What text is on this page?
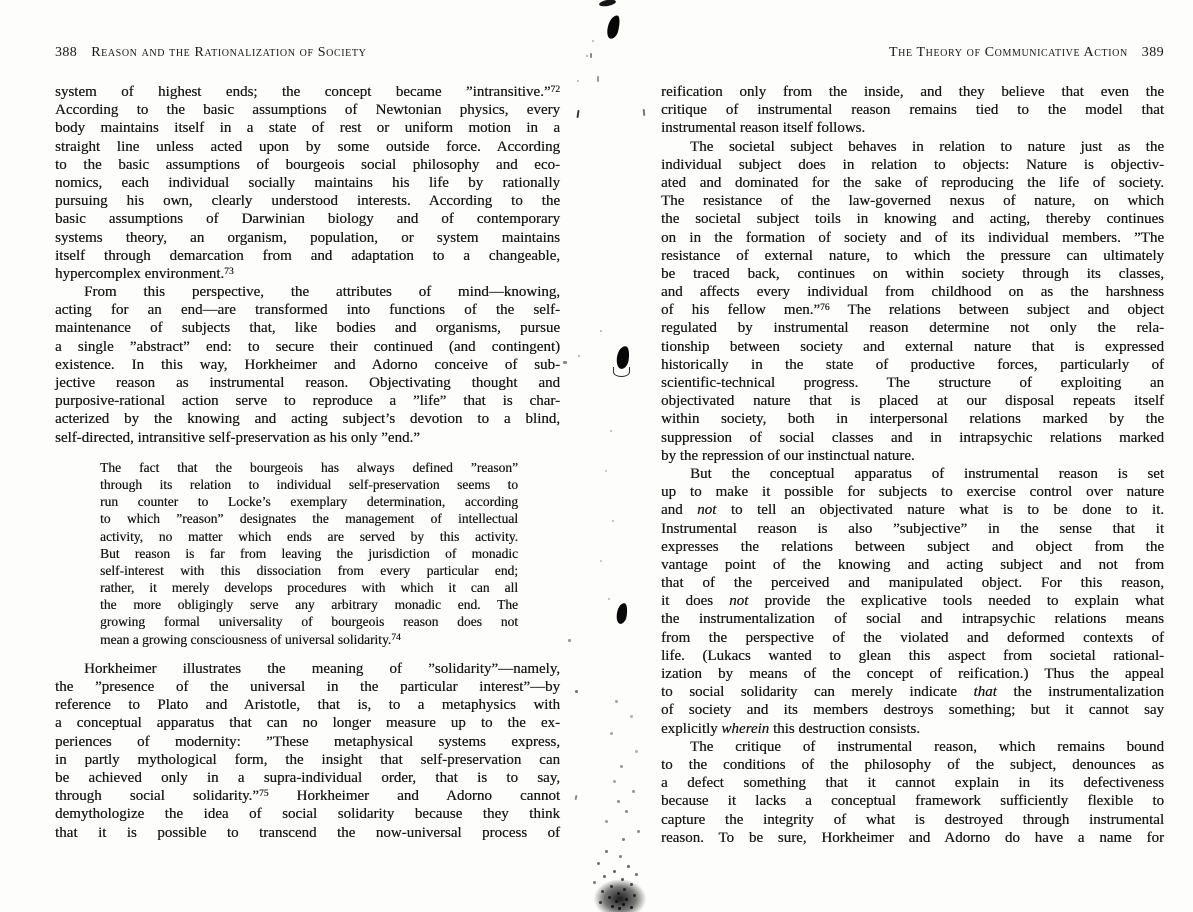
388 Reason and the Rationalization of Society	The Theory of Communicative Action 389
system of highest ends; the concept became ”intransitive.”$^{72}$
According to the basic assumptions of Newtonian physics, every
body maintains itself in a state of rest or uniform motion in a
straight line unless acted upon by some outside force. According
to the basic assumptions of bourgeois social philosophy and eco-
nomics, each individual socially maintains his life by rationally
pursuing his own, clearly understood interests. According to the
basic assumptions of Darwinian biology and of contemporary
systems theory, an organism, population, or system maintains
itself through demarcation from and adaptation to a changeable,
hypercomplex environment.$^{73}$
From this perspective, the attributes of mind—knowing,
acting for an end—are transformed into functions of the self-
maintenance of subjects that, like bodies and organisms, pursue
a single ”abstract” end: to secure their continued (and contingent)
existence. In this way, Horkheimer and Adorno conceive of sub-
jective reason as instrumental reason. Objectivating thought and
purposive-rational action serve to reproduce a ”life” that is char-
acterized by the knowing and acting subject’s devotion to a blind,
self-directed, intransitive self-preservation as his only ”end.”
The fact that the bourgeois has always defined ”reason”
through its relation to individual self-preservation seems to
run counter to Locke’s exemplary determination, according
to which ”reason” designates the management of intellectual
activity, no matter which ends are served by this activity.
But reason is far from leaving the jurisdiction of monadic
self-interest with this dissociation from every particular end;
rather, it merely develops procedures with which it can all
the more obligingly serve any arbitrary monadic end. The
growing formal universality of bourgeois reason does not
mean a growing consciousness of universal solidarity.$^{74}$
Horkheimer illustrates the meaning of ”solidarity”—namely,
the ”presence of the universal in the particular interest”—by
reference to Plato and Aristotle, that is, to a metaphysics with
a conceptual apparatus that can no longer measure up to the ex-
periences of modernity: ”These metaphysical systems express,
in partly mythological form, the insight that self-preservation can
be achieved only in a supra-individual order, that is to say,
through social solidarity.”$^{75}$ Horkheimer and Adorno cannot
demythologize the idea of social solidarity because they think
that it is possible to transcend the now-universal process of
reification only from the inside, and they believe that even the
critique of instrumental reason remains tied to the model that
instrumental reason itself follows.
The societal subject behaves in relation to nature just as the
individual subject does in relation to objects: Nature is objectiv-
ated and dominated for the sake of reproducing the life of society.
The resistance of the law-governed nexus of nature, on which
the societal subject toils in knowing and acting, thereby continues
on in the formation of society and of its individual members. ”The
resistance of external nature, to which the pressure can ultimately
be traced back, continues on within society through its classes,
and affects every individual from childhood on as the harshness
of his fellow men.”$^{76}$ The relations between subject and object
regulated by instrumental reason determine not only the rela-
tionship between society and external nature that is expressed
historically in the state of productive forces, particularly of
scientific-technical progress. The structure of exploiting an
objectivated nature that is placed at our disposal repeats itself
within society, both in interpersonal relations marked by the
suppression of social classes and in intrapsychic relations marked
by the repression of our instinctual nature.
But the conceptual apparatus of instrumental reason is set
up to make it possible for subjects to exercise control over nature
and not to tell an objectivated nature what is to be done to it.
Instrumental reason is also ”subjective” in the sense that it
expresses the relations between subject and object from the
vantage point of the knowing and acting subject and not from
that of the perceived and manipulated object. For this reason,
it does not provide the explicative tools needed to explain what
the instrumentalization of social and intrapsychic relations means
from the perspective of the violated and deformed contexts of
life. (Lukacs wanted to glean this aspect from societal rational-
ization by means of the concept of reification.) Thus the appeal
to social solidarity can merely indicate that the instrumentalization
of society and its members destroys something; but it cannot say
explicitly wherein this destruction consists.
The critique of instrumental reason, which remains bound
to the conditions of the philosophy of the subject, denounces as
a defect something that it cannot explain in its defectiveness
because it lacks a conceptual framework sufficiently flexible to
capture the integrity of what is destroyed through instrumental
reason. To be sure, Horkheimer and Adorno do have a name for
